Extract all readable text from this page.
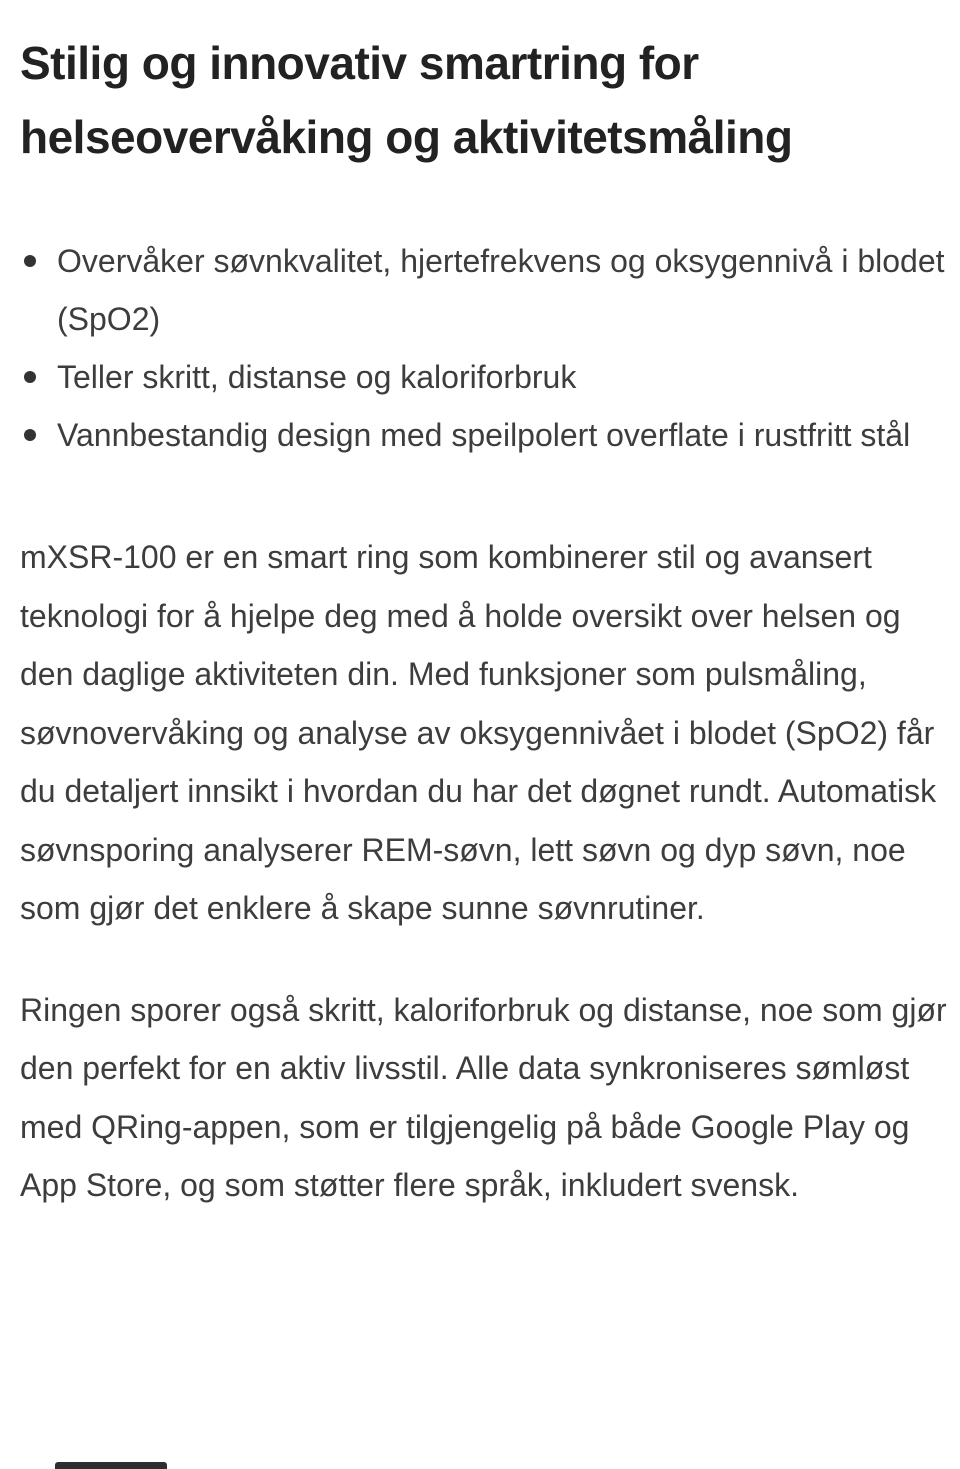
Stilig og innovativ smartring for helseovervåking og aktivitetsmåling
Overvåker søvnkvalitet, hjertefrekvens og oksygennivå i blodet (SpO2)
Teller skritt, distanse og kaloriforbruk
Vannbestandig design med speilpolert overflate i rustfritt stål

mXSR-100 er en smart ring som kombinerer stil og avansert teknologi for å hjelpe deg med å holde oversikt over helsen og den daglige aktiviteten din. Med funksjoner som pulsmåling, søvnovervåking og analyse av oksygennivået i blodet (SpO2) får du detaljert innsikt i hvordan du har det døgnet rundt. Automatisk søvnsporing analyserer REM-søvn, lett søvn og dyp søvn, noe som gjør det enklere å skape sunne søvnrutiner.

Ringen sporer også skritt, kaloriforbruk og distanse, noe som gjør den perfekt for en aktiv livsstil. Alle data synkroniseres sømløst med QRing-appen, som er tilgjengelig på både Google Play og App Store, og som støtter flere språk, inkludert svensk.
